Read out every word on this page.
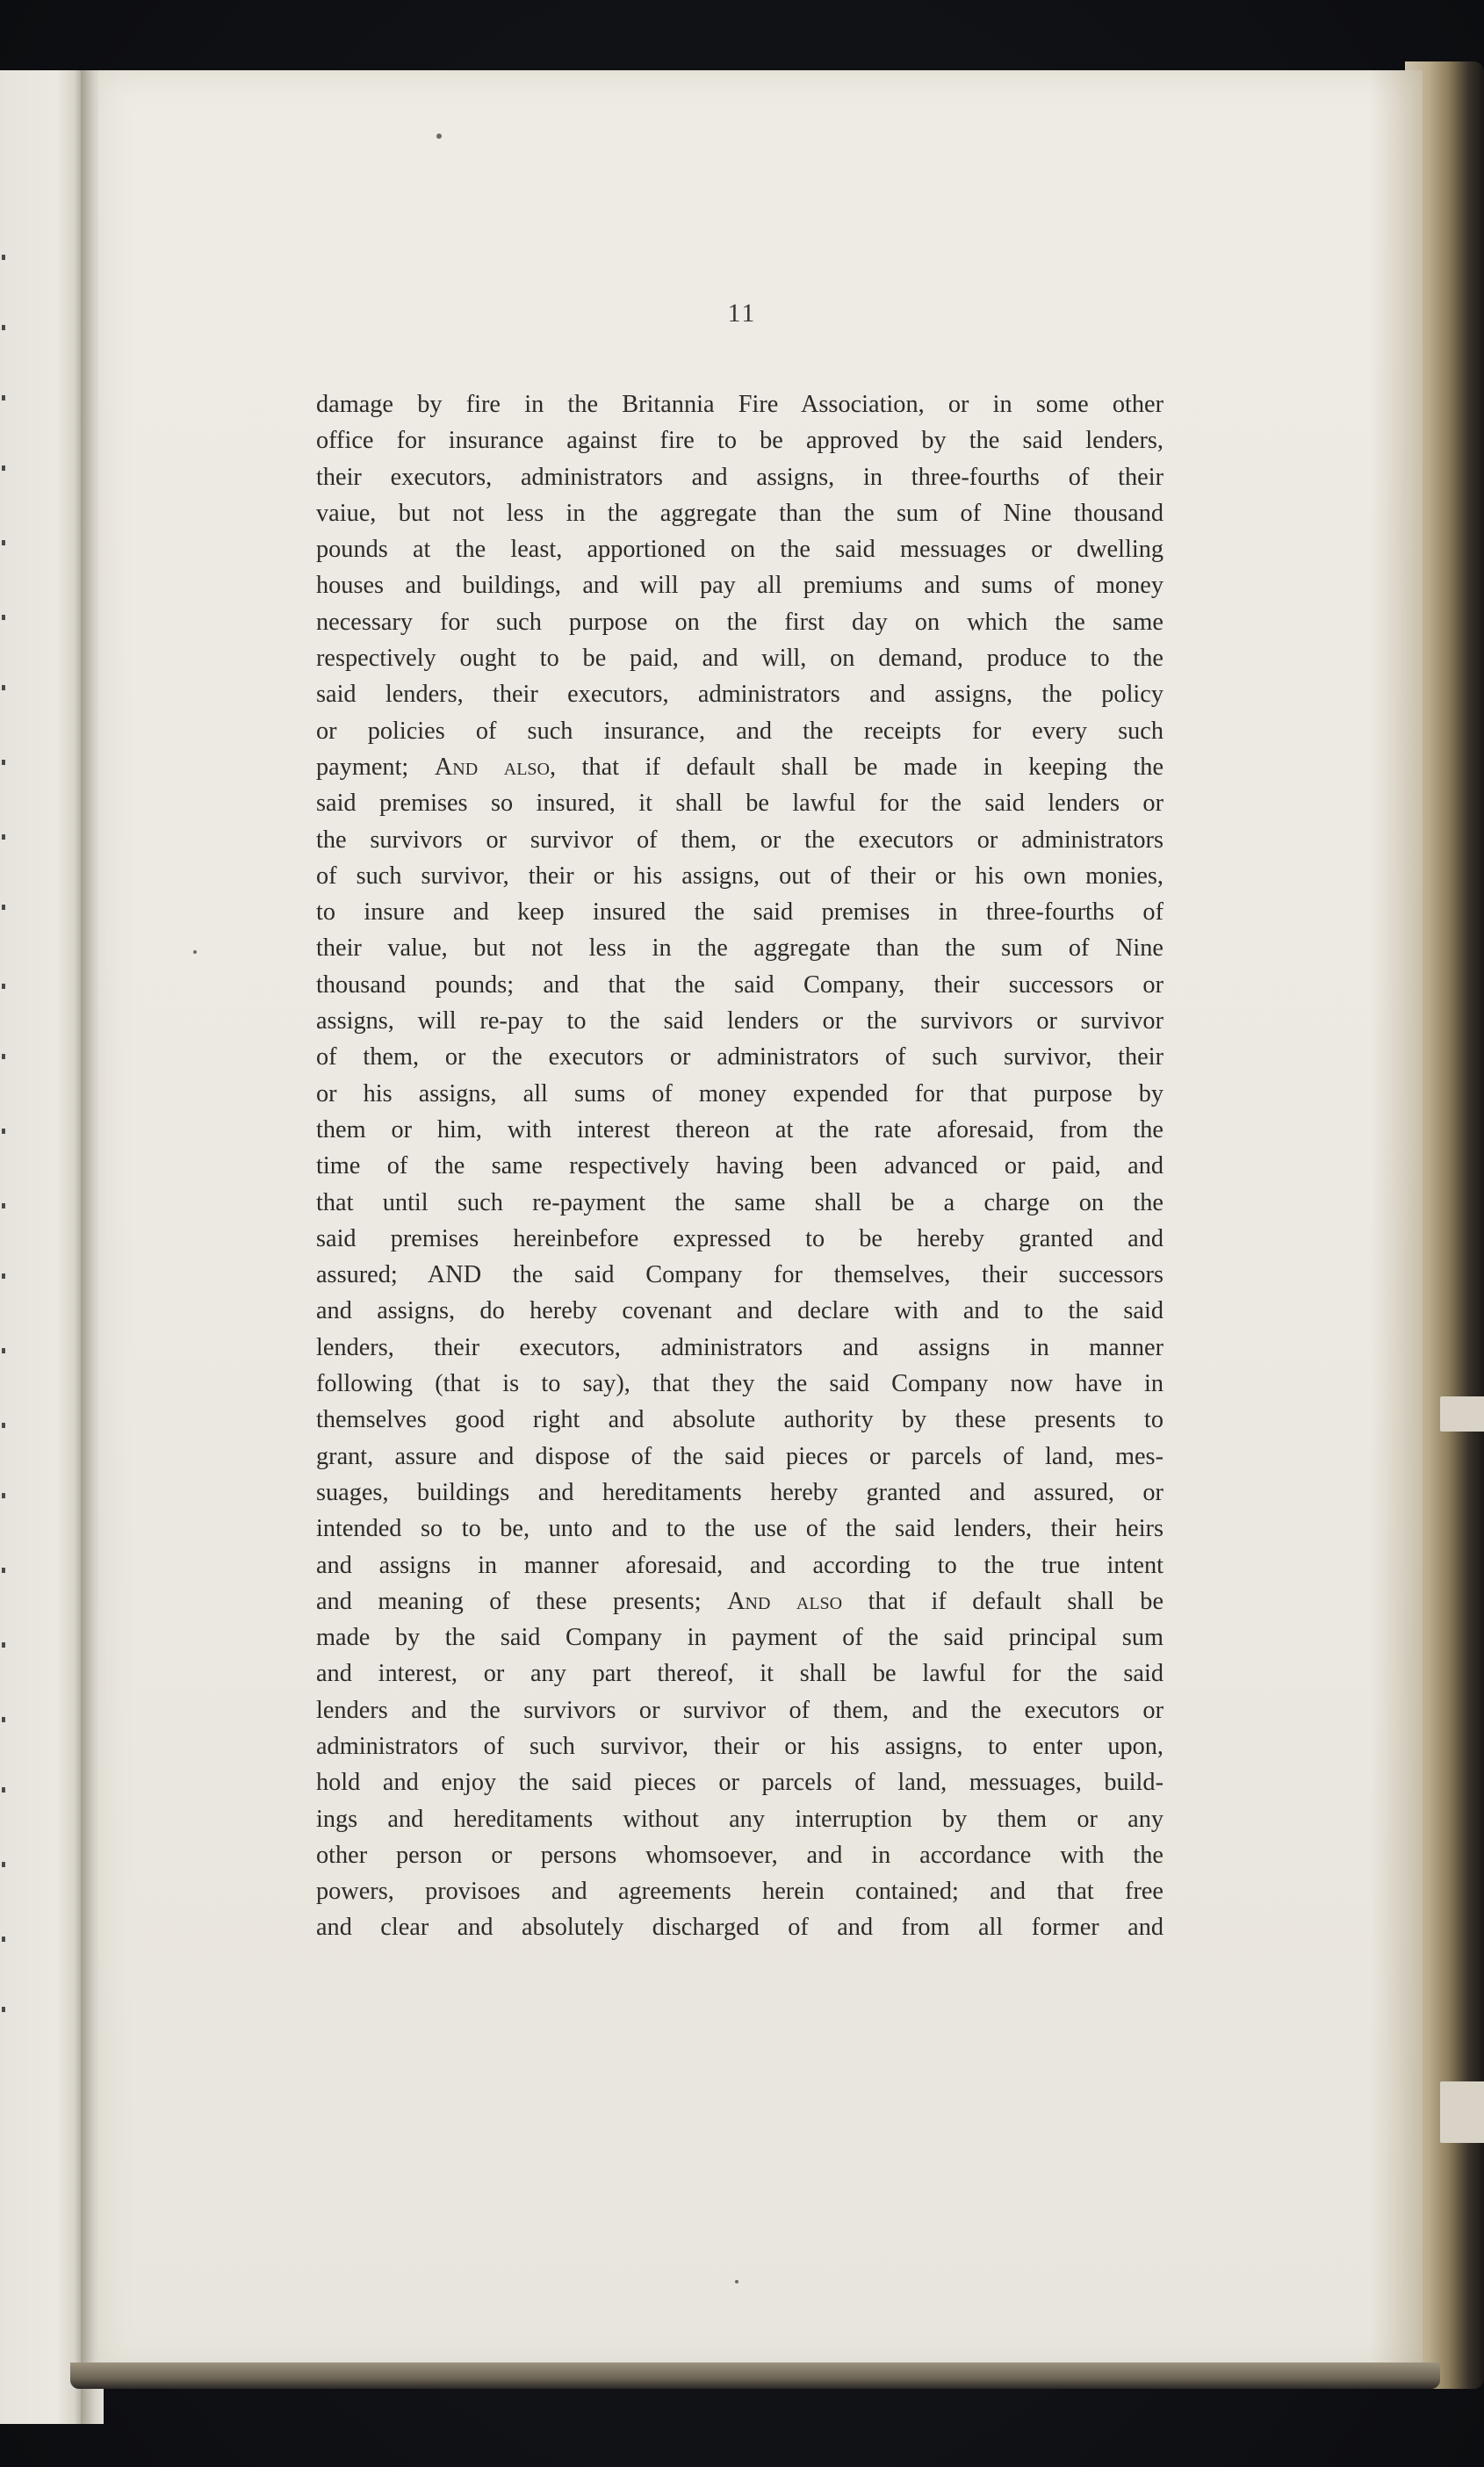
11
damage by fire in the Britannia Fire Association, or in some other
office for insurance against fire to be approved by the said lenders,
their executors, administrators and assigns, in three-fourths of their
vaiue, but not less in the aggregate than the sum of Nine thousand
pounds at the least, apportioned on the said messuages or dwelling
houses and buildings, and will pay all premiums and sums of money
necessary for such purpose on the first day on which the same
respectively ought to be paid, and will, on demand, produce to the
said lenders, their executors, administrators and assigns, the policy
or policies of such insurance, and the receipts for every such
payment; And also, that if default shall be made in keeping the
said premises so insured, it shall be lawful for the said lenders or
the survivors or survivor of them, or the executors or administrators
of such survivor, their or his assigns, out of their or his own monies,
to insure and keep insured the said premises in three-fourths of
their value, but not less in the aggregate than the sum of Nine
thousand pounds; and that the said Company, their successors or
assigns, will re-pay to the said lenders or the survivors or survivor
of them, or the executors or administrators of such survivor, their
or his assigns, all sums of money expended for that purpose by
them or him, with interest thereon at the rate aforesaid, from the
time of the same respectively having been advanced or paid, and
that until such re-payment the same shall be a charge on the
said premises hereinbefore expressed to be hereby granted and
assured; AND the said Company for themselves, their successors
and assigns, do hereby covenant and declare with and to the said
lenders, their executors, administrators and assigns in manner
following (that is to say), that they the said Company now have in
themselves good right and absolute authority by these presents to
grant, assure and dispose of the said pieces or parcels of land, mes-
suages, buildings and hereditaments hereby granted and assured, or
intended so to be, unto and to the use of the said lenders, their heirs
and assigns in manner aforesaid, and according to the true intent
and meaning of these presents; And also that if default shall be
made by the said Company in payment of the said principal sum
and interest, or any part thereof, it shall be lawful for the said
lenders and the survivors or survivor of them, and the executors or
administrators of such survivor, their or his assigns, to enter upon,
hold and enjoy the said pieces or parcels of land, messuages, build-
ings and hereditaments without any interruption by them or any
other person or persons whomsoever, and in accordance with the
powers, provisoes and agreements herein contained; and that free
and clear and absolutely discharged of and from all former and
